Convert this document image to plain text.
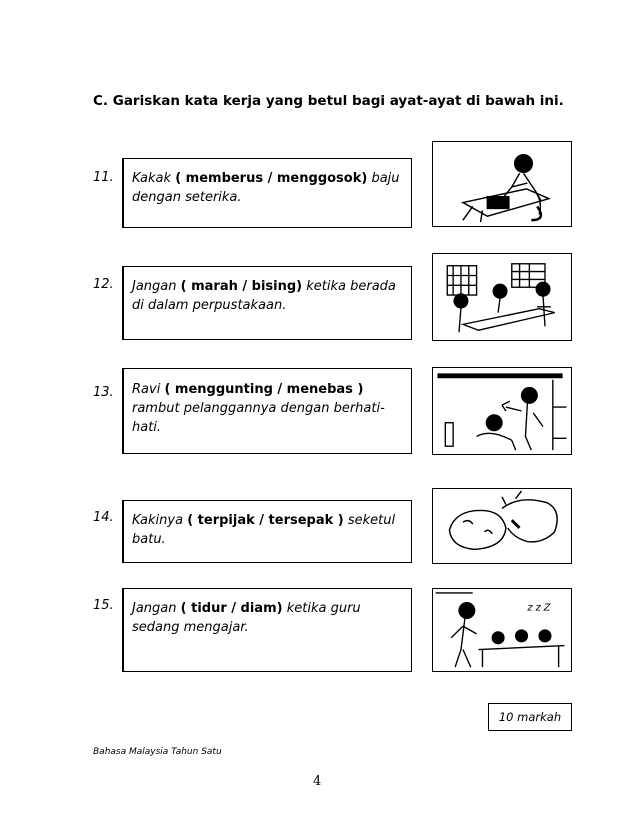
C. Gariskan kata kerja yang betul bagi ayat-ayat di bawah ini.
11.	Kakak ( memberus / menggosok) baju dengan seterika.
12.	Jangan ( marah / bising) ketika berada di dalam perpustakaan.
13.	Ravi ( menggunting / menebas ) rambut pelanggannya dengan berhati-hati.
14.	Kakinya ( terpijak / tersepak ) seketul batu.
15.	Jangan ( tidur / diam) ketika guru sedang mengajar.
z z Z
10 markah
Bahasa Malaysia Tahun Satu
4
